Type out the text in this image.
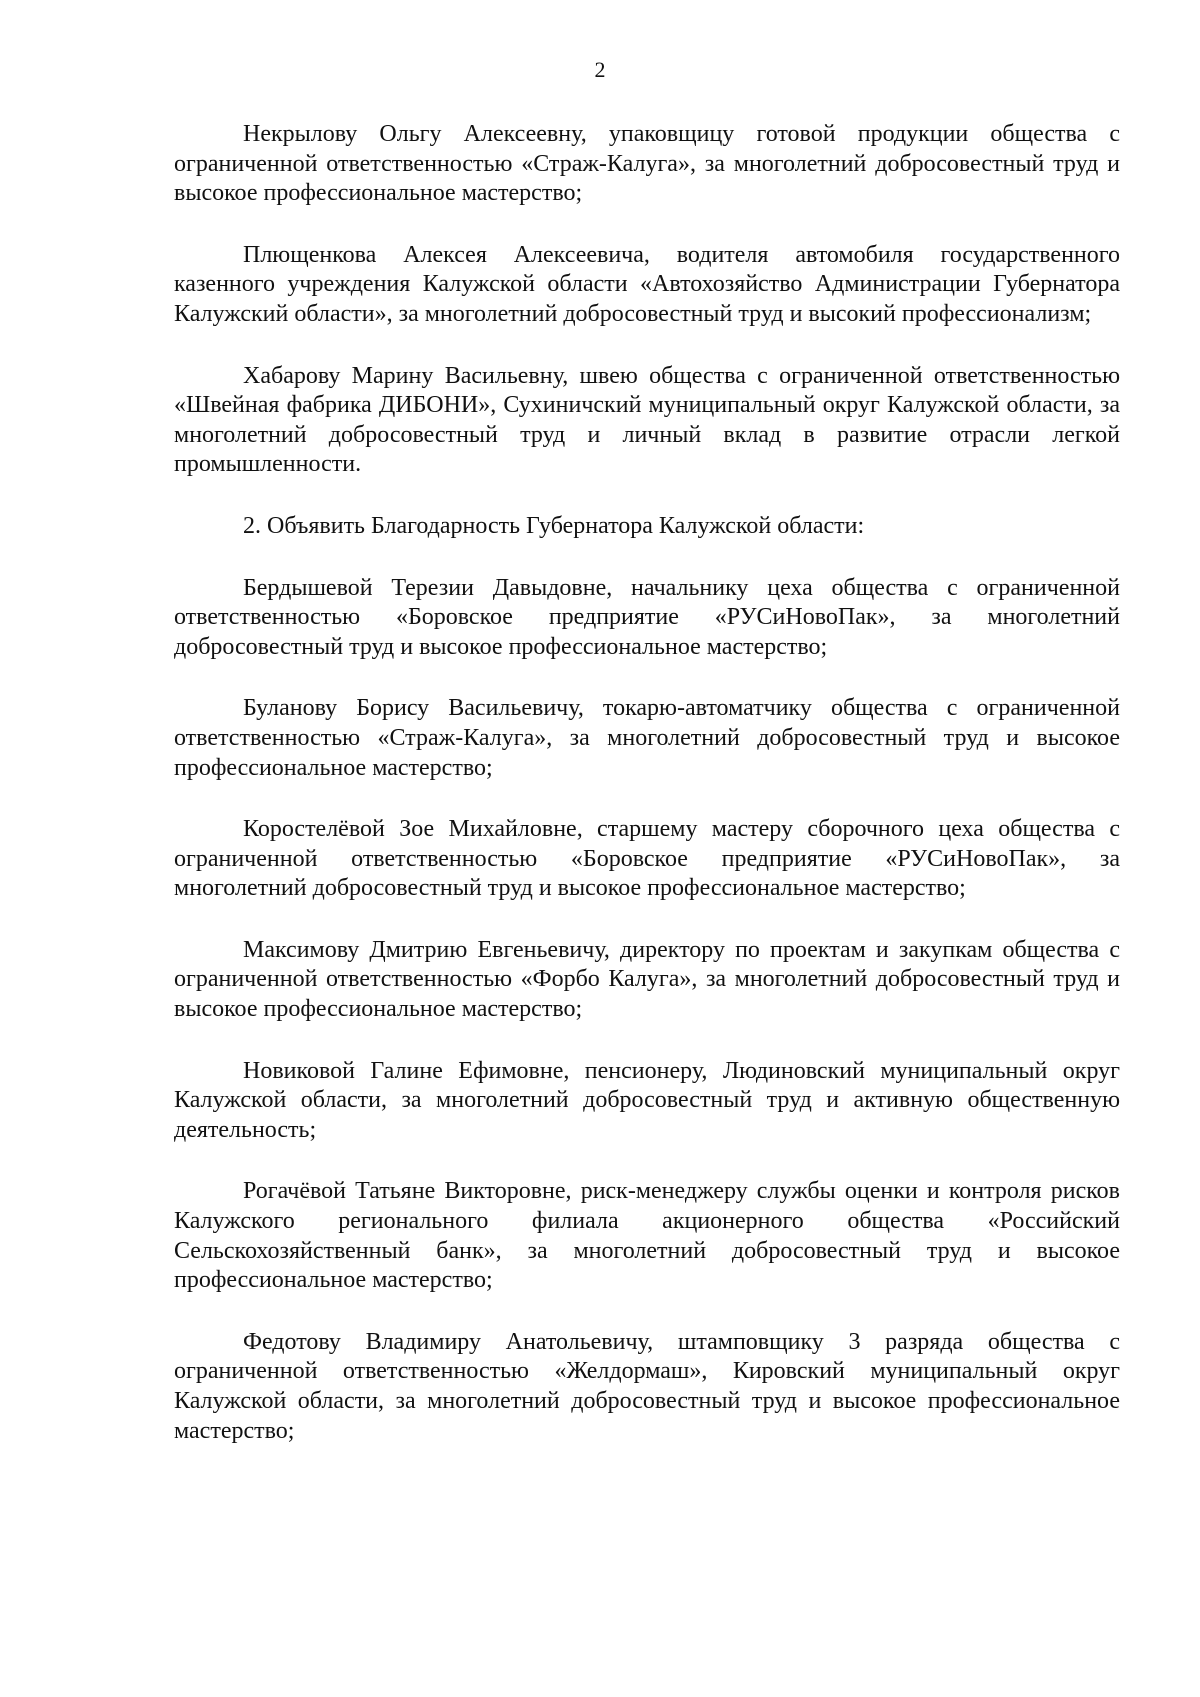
2

Некрылову Ольгу Алексеевну, упаковщицу готовой продукции общества с ограниченной ответственностью «Страж-Калуга», за многолетний добросовестный труд и высокое профессиональное мастерство;

Плющенкова Алексея Алексеевича, водителя автомобиля государственного казенного учреждения Калужской области «Автохозяйство Администрации Губернатора Калужский области», за многолетний добросовестный труд и высокий профессионализм;

Хабарову Марину Васильевну, швею общества с ограниченной ответственностью «Швейная фабрика ДИБОНИ», Сухиничский муниципальный округ Калужской области, за многолетний добросовестный труд и личный вклад в развитие отрасли легкой промышленности.

2. Объявить Благодарность Губернатора Калужской области:

Бердышевой Терезии Давыдовне, начальнику цеха общества с ограниченной ответственностью «Боровское предприятие «РУСиНовоПак», за многолетний добросовестный труд и высокое профессиональное мастерство;

Буланову Борису Васильевичу, токарю-автоматчику общества с ограниченной ответственностью «Страж-Калуга», за многолетний добросовестный труд и высокое профессиональное мастерство;

Коростелёвой Зое Михайловне, старшему мастеру сборочного цеха общества с ограниченной ответственностью «Боровское предприятие «РУСиНовоПак», за многолетний добросовестный труд и высокое профессиональное мастерство;

Максимову Дмитрию Евгеньевичу, директору по проектам и закупкам общества с ограниченной ответственностью «Форбо Калуга», за многолетний добросовестный труд и высокое профессиональное мастерство;

Новиковой Галине Ефимовне, пенсионеру, Людиновский муниципальный округ Калужской области, за многолетний добросовестный труд и активную общественную деятельность;

Рогачёвой Татьяне Викторовне, риск-менеджеру службы оценки и контроля рисков Калужского регионального филиала акционерного общества «Российский Сельскохозяйственный банк», за многолетний добросовестный труд и высокое профессиональное мастерство;

Федотову Владимиру Анатольевичу, штамповщику 3 разряда общества с ограниченной ответственностью «Желдормаш», Кировский муниципальный округ Калужской области, за многолетний добросовестный труд и высокое профессиональное мастерство;
